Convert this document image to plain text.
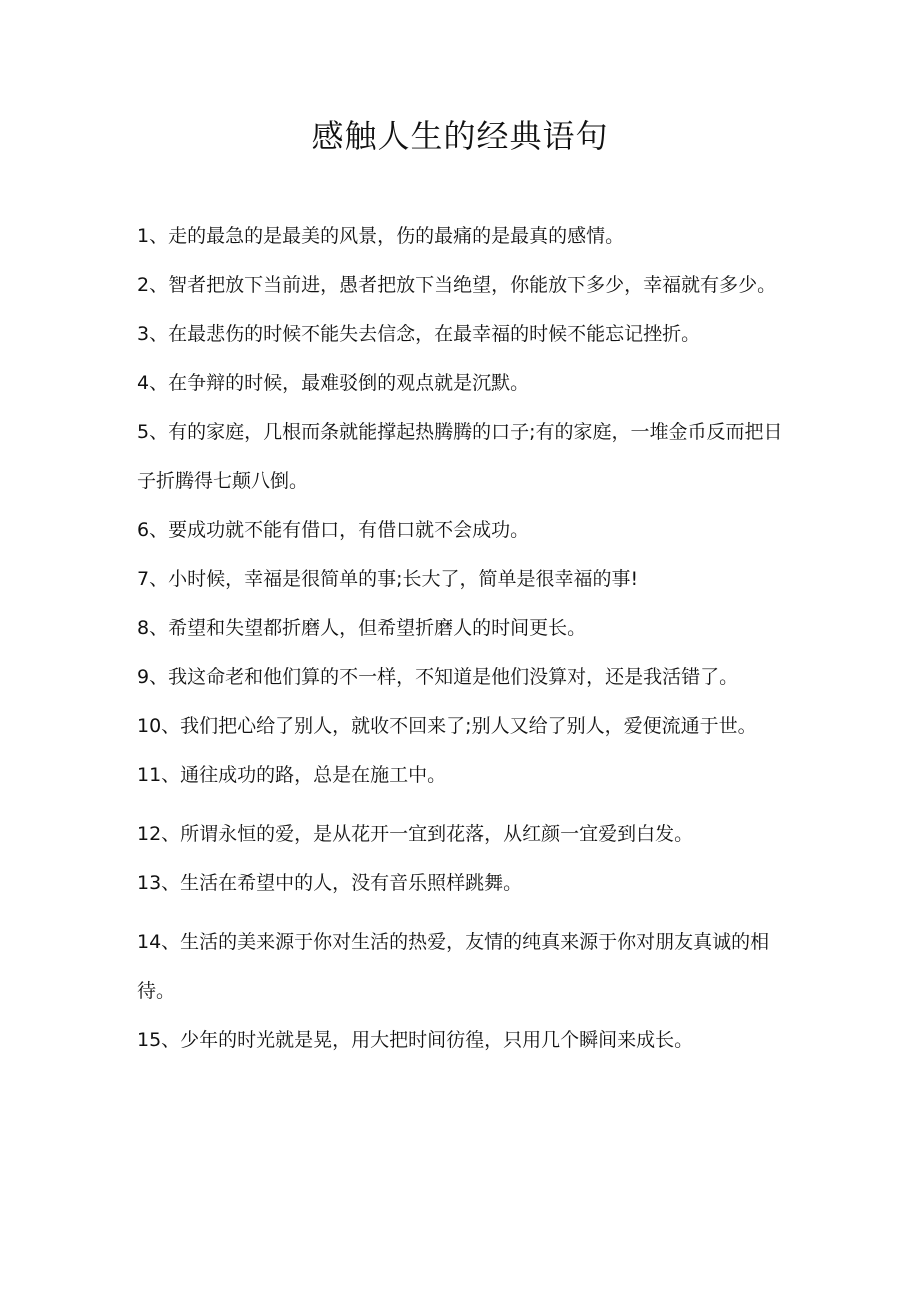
感触人生的经典语句
1、走的最急的是最美的风景，伤的最痛的是最真的感情。
2、智者把放下当前进，愚者把放下当绝望，你能放下多少，幸福就有多少。
3、在最悲伤的时候不能失去信念，在最幸福的时候不能忘记挫折。
4、在争辩的时候，最难驳倒的观点就是沉默。
5、有的家庭，几根而条就能撑起热腾腾的口子;有的家庭，一堆金币反而把日子折腾得七颠八倒。
6、要成功就不能有借口，有借口就不会成功。
7、小时候，幸福是很简单的事;长大了，简单是很幸福的事!
8、希望和失望都折磨人，但希望折磨人的时间更长。
9、我这命老和他们算的不一样，不知道是他们没算对，还是我活错了。
10、我们把心给了别人，就收不回来了;别人又给了别人，爱便流通于世。
11、通往成功的路，总是在施工中。
12、所谓永恒的爱，是从花开一宜到花落，从红颜一宜爱到白发。
13、生活在希望中的人，没有音乐照样跳舞。
14、生活的美来源于你对生活的热爱，友情的纯真来源于你对朋友真诚的相待。
15、少年的时光就是晃，用大把时间彷徨，只用几个瞬间来成长。
